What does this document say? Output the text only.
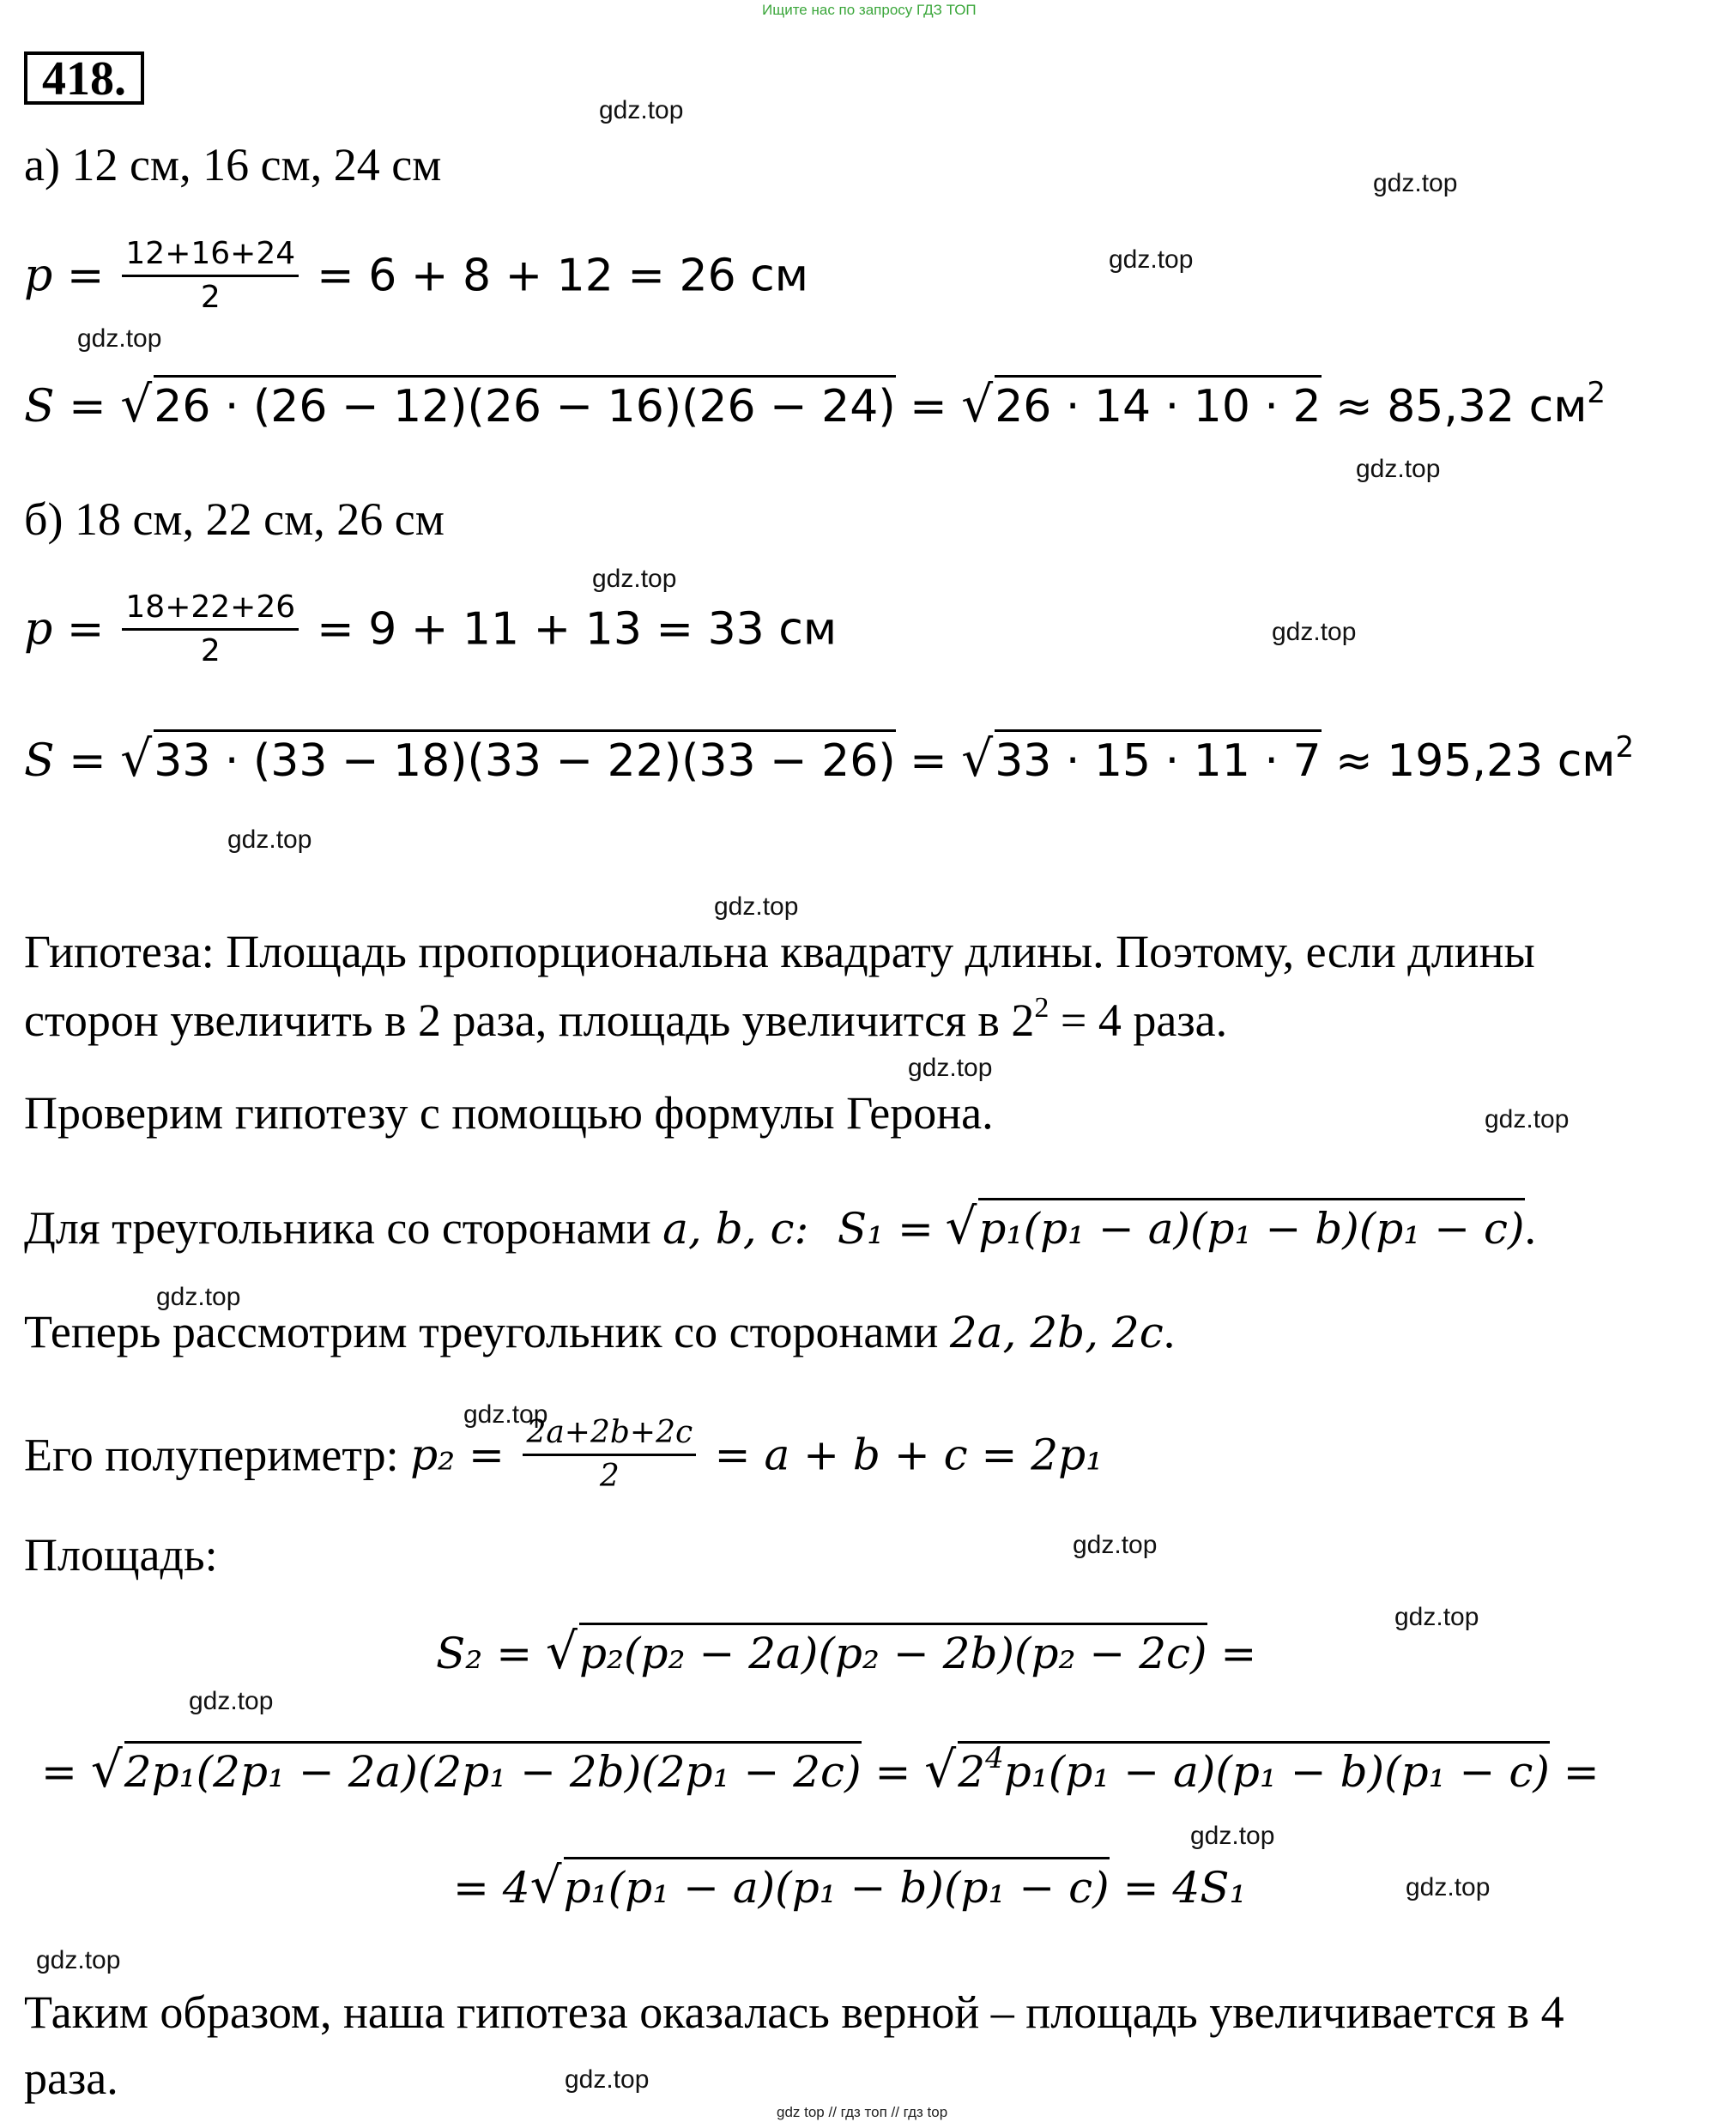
Ищите нас по запросу ГДЗ ТОП
418.
gdz.top
gdz.top
gdz.top
gdz.top
gdz.top
gdz.top
gdz.top
gdz.top
gdz.top
gdz.top
gdz.top
gdz.top
gdz.top
gdz.top
gdz.top
gdz.top
gdz.top
gdz.top
gdz.top
gdz.top
а) 12 см, 16 см, 24 см
$p = \frac{12+16+24}{2} = 6 + 8 + 12 = 26$ см
S = √26 · (26 − 12)(26 − 16)(26 − 24) = √26 · 14 · 10 · 2 ≈ 85,32 $см^2$
б) 18 см, 22 см, 26 см
$p = \frac{18+22+26}{2} = 9 + 11 + 13 = 33$ см
S = √33 · (33 − 18)(33 − 22)(33 − 26) = √33 · 15 · 11 · 7 ≈ 195,23 $см^2$
Гипотеза: Площадь пропорциональна квадрату длины. Поэтому, если длины
сторон увеличить в 2 раза, площадь увеличится в $2^2 = 4$ раза.
Проверим гипотезу с помощью формулы Герона.
Для треугольника со сторонами a, b, c: S₁ = √p₁(p₁ − a)(p₁ − b)(p₁ − c).
Теперь рассмотрим треугольник со сторонами 2a, 2b, 2c.
Его полупериметр: $p_2 = \frac{2a+2b+2c}{2} = a + b + c = 2p_1$
Площадь:
S₂ = √p₂(p₂ − 2a)(p₂ − 2b)(p₂ − 2c) =
= $√2p_1(2p_1 - 2a)(2p_1 - 2b)(2p_1 - 2c) = √2^4p_1(p_1 - a)(p_1 - b)(p_1 - c)$ =
= 4√p₁(p₁ − a)(p₁ − b)(p₁ − c) = 4S₁
Таким образом, наша гипотеза оказалась верной – площадь увеличивается в 4
раза.
gdz top // гдз топ // гдз top
